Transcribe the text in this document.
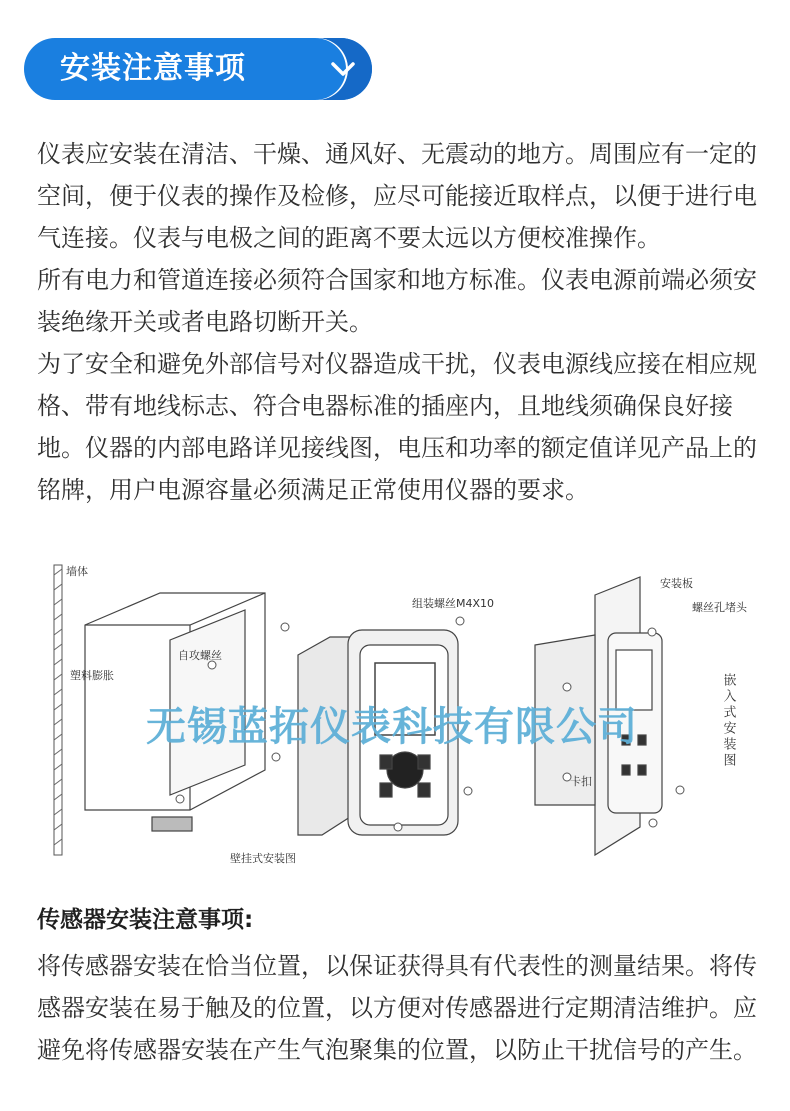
安装注意事项
仪表应安装在清洁、干燥、通风好、无震动的地方。周围应有一定的空间，便于仪表的操作及检修，应尽可能接近取样点，以便于进行电气连接。仪表与电极之间的距离不要太远以方便校准操作。
所有电力和管道连接必须符合国家和地方标准。仪表电源前端必须安装绝缘开关或者电路切断开关。
为了安全和避免外部信号对仪器造成干扰，仪表电源线应接在相应规格、带有地线标志、符合电器标准的插座内，且地线须确保良好接地。仪器的内部电路详见接线图，电压和功率的额定值详见产品上的铭牌，用户电源容量必须满足正常使用仪器的要求。
墙体
塑料膨胀
自攻螺丝
组装螺丝M4X10
安装板
螺丝孔堵头
卡扣
壁挂式安装图
嵌入式安装图
无锡蓝拓仪表科技有限公司
传感器安装注意事项:
将传感器安装在恰当位置，以保证获得具有代表性的测量结果。将传感器安装在易于触及的位置，以方便对传感器进行定期清洁维护。应避免将传感器安装在产生气泡聚集的位置，以防止干扰信号的产生。
